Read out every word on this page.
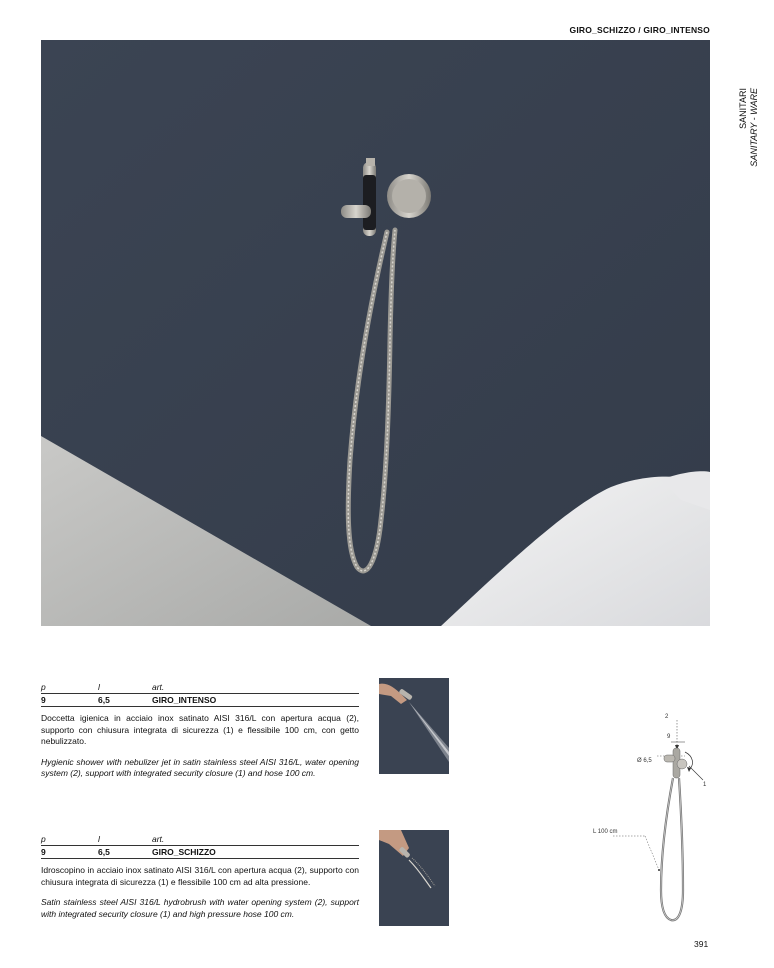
GIRO_SCHIZZO / GIRO_INTENSO
SANITARI SANITARY - WARE
p	l	art.
9	6,5	GIRO_INTENSO
Doccetta igienica in acciaio inox satinato AISI 316/L con apertura acqua (2), supporto con chiusura integrata di sicurezza (1) e flessibile 100 cm, con getto nebulizzato.
Hygienic shower with nebulizer jet in satin stainless steel AISI 316/L, water opening system (2), support with integrated security closure (1) and hose 100 cm.
p	l	art.
9	6,5	GIRO_SCHIZZO
Idroscopino in acciaio inox satinato AISI 316/L con apertura acqua (2), supporto con chiusura integrata di sicurezza (1) e flessibile 100 cm ad alta pressione.
Satin stainless steel AISI 316/L hydrobrush with water opening system (2), support with integrated security closure (1) and high pressure hose 100 cm.
2
9
Ø 6,5
1
L 100 cm
391
